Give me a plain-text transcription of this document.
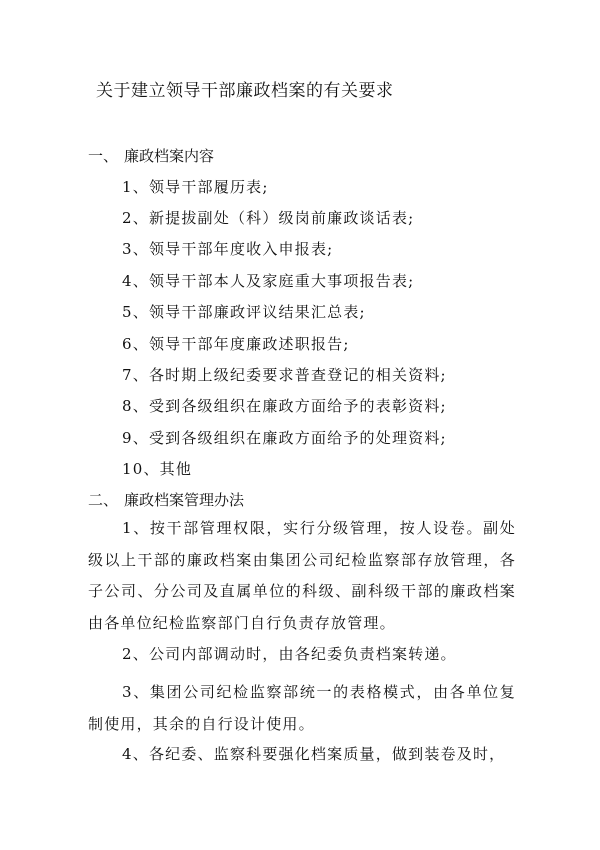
关于建立领导干部廉政档案的有关要求
一、 廉政档案内容
1、领导干部履历表;
2、新提拔副处（科）级岗前廉政谈话表;
3、领导干部年度收入申报表;
4、领导干部本人及家庭重大事项报告表;
5、领导干部廉政评议结果汇总表;
6、领导干部年度廉政述职报告;
7、各时期上级纪委要求普查登记的相关资料;
8、受到各级组织在廉政方面给予的表彰资料;
9、受到各级组织在廉政方面给予的处理资料;
10、其他
二、 廉政档案管理办法
1、按干部管理权限，实行分级管理，按人设卷。副处级以上干部的廉政档案由集团公司纪检监察部存放管理，各子公司、分公司及直属单位的科级、副科级干部的廉政档案由各单位纪检监察部门自行负责存放管理。
2、公司内部调动时，由各纪委负责档案转递。
3、集团公司纪检监察部统一的表格模式，由各单位复制使用，其余的自行设计使用。
4、各纪委、监察科要强化档案质量，做到装卷及时，
